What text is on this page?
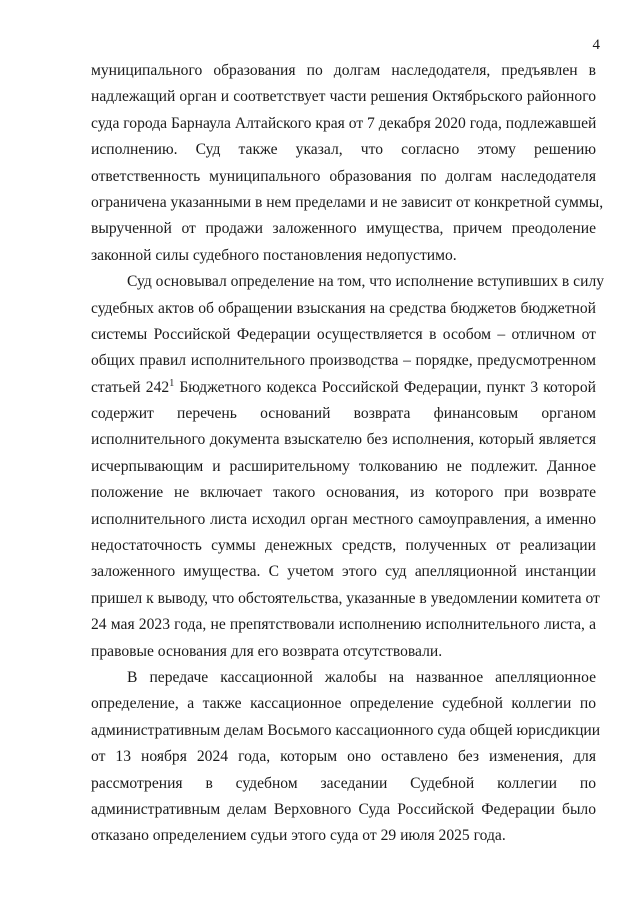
4
муниципального образования по долгам наследодателя, предъявлен в
надлежащий орган и соответствует части решения Октябрьского районного
суда города Барнаула Алтайского края от 7 декабря 2020 года, подлежавшей
исполнению. Суд также указал, что согласно этому решению
ответственность муниципального образования по долгам наследодателя
ограничена указанными в нем пределами и не зависит от конкретной суммы,
вырученной от продажи заложенного имущества, причем преодоление
законной силы судебного постановления недопустимо.
Суд основывал определение на том, что исполнение вступивших в силу
судебных актов об обращении взыскания на средства бюджетов бюджетной
системы Российской Федерации осуществляется в особом – отличном от
общих правил исполнительного производства – порядке, предусмотренном
статьей $242^1$ Бюджетного кодекса Российской Федерации, пункт 3 которой
содержит перечень оснований возврата финансовым органом
исполнительного документа взыскателю без исполнения, который является
исчерпывающим и расширительному толкованию не подлежит. Данное
положение не включает такого основания, из которого при возврате
исполнительного листа исходил орган местного самоуправления, а именно
недостаточность суммы денежных средств, полученных от реализации
заложенного имущества. С учетом этого суд апелляционной инстанции
пришел к выводу, что обстоятельства, указанные в уведомлении комитета от
24 мая 2023 года, не препятствовали исполнению исполнительного листа, а
правовые основания для его возврата отсутствовали.
В передаче кассационной жалобы на названное апелляционное
определение, а также кассационное определение судебной коллегии по
административным делам Восьмого кассационного суда общей юрисдикции
от 13 ноября 2024 года, которым оно оставлено без изменения, для
рассмотрения в судебном заседании Судебной коллегии по
административным делам Верховного Суда Российской Федерации было
отказано определением судьи этого суда от 29 июля 2025 года.
